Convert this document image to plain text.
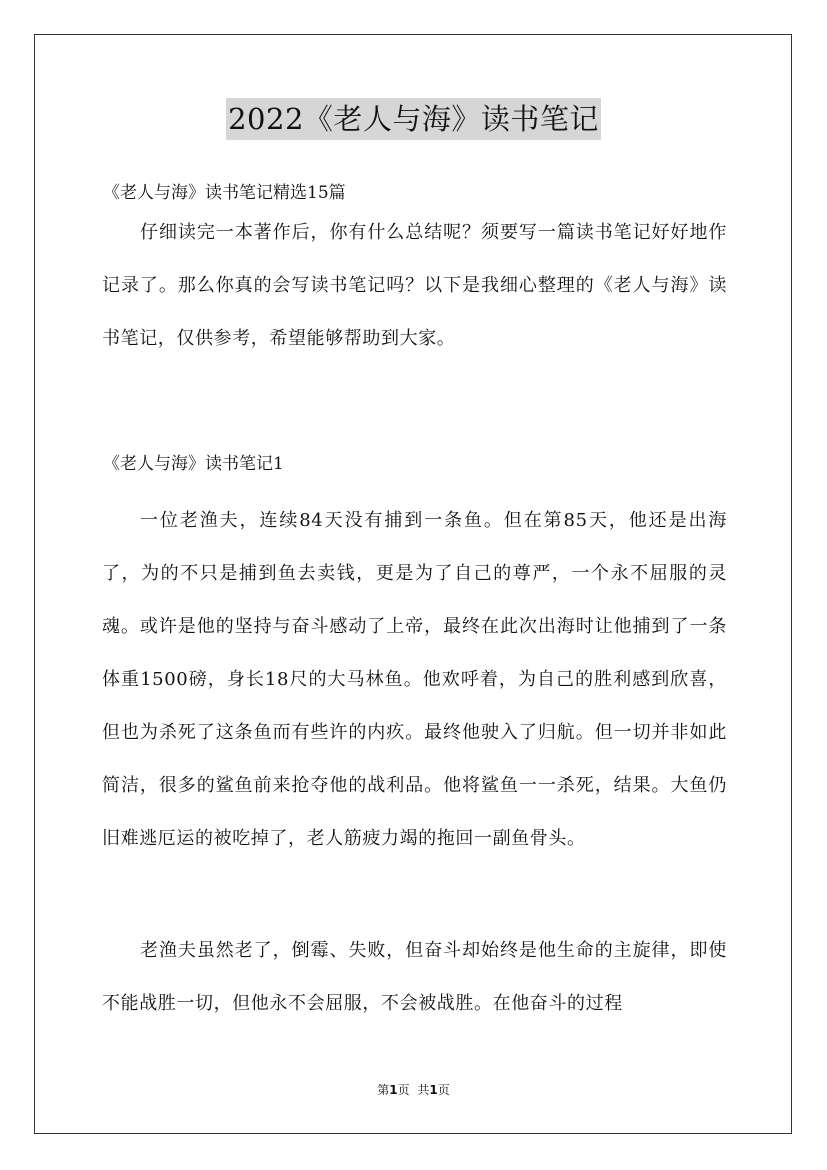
2022《老人与海》读书笔记
《老人与海》读书笔记精选15篇
仔细读完一本著作后，你有什么总结呢？须要写一篇读书笔记好好地作记录了。那么你真的会写读书笔记吗？以下是我细心整理的《老人与海》读书笔记，仅供参考，希望能够帮助到大家。
《老人与海》读书笔记1
一位老渔夫，连续84天没有捕到一条鱼。但在第85天，他还是出海了，为的不只是捕到鱼去卖钱，更是为了自己的尊严，一个永不屈服的灵魂。或许是他的坚持与奋斗感动了上帝，最终在此次出海时让他捕到了一条体重1500磅，身长18尺的大马林鱼。他欢呼着，为自己的胜利感到欣喜，但也为杀死了这条鱼而有些许的内疚。最终他驶入了归航。但一切并非如此简洁，很多的鲨鱼前来抢夺他的战利品。他将鲨鱼一一杀死，结果。大鱼仍旧难逃厄运的被吃掉了，老人筋疲力竭的拖回一副鱼骨头。
老渔夫虽然老了，倒霉、失败，但奋斗却始终是他生命的主旋律，即使不能战胜一切，但他永不会屈服，不会被战胜。在他奋斗的过程
第1页 共1页
